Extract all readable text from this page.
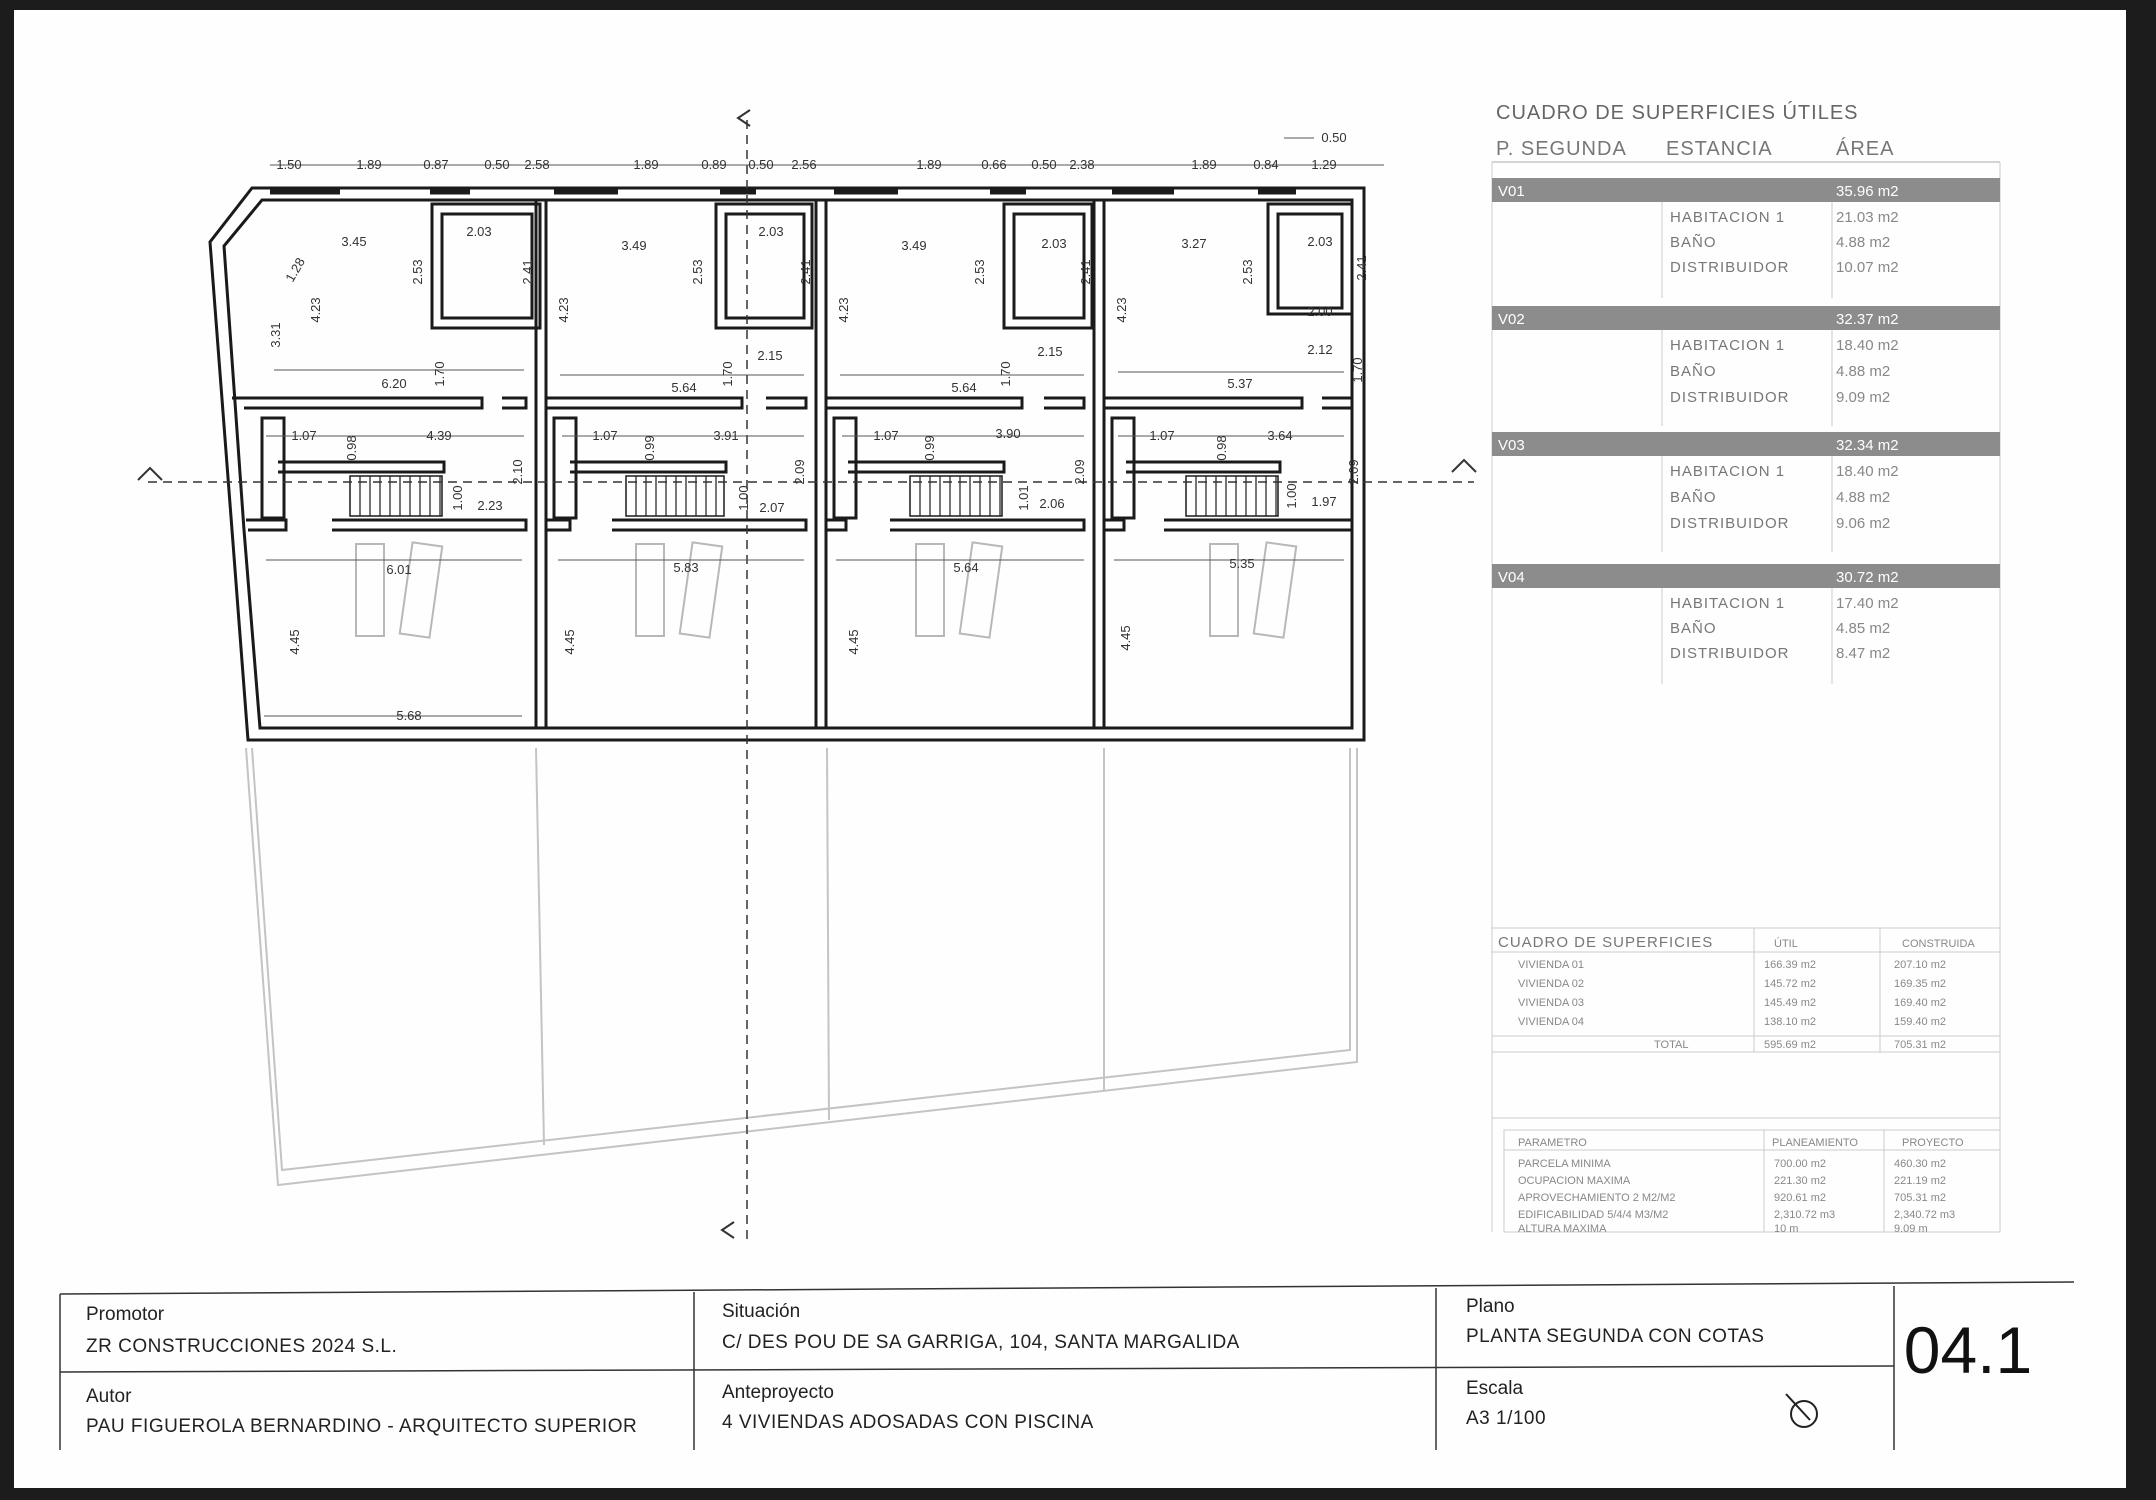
1.50	1.89	0.87	0.50 2.58	1.89	0.89 0.50 2.56	1.89	0.66 0.50 2.38	1.89	0.84	1.29
0.50
3.45
2.03
6.20
1.07	4.39
2.23
6.01
5.68
4.23
2.53	2.41
1.28
3.31
1.70
0.98
2.10
1.00
4.45
3.49
2.03
2.15
5.64
1.07	3.91
2.07
5.83
4.23
2.53	2.41
1.70
0.99
2.09
1.00
4.45
3.49	2.03
2.15
5.64
1.07	3.90
2.06
5.64
4.23
2.53	2.41
1.70
0.99
2.09
1.01
4.45
3.27	2.03
2.00
2.12
5.37
1.07	3.64
1.97
5.35
4.23
2.53	2.41
1.70
0.98
2.09
1.00
4.45
CUADRO DE SUPERFICIES ÚTILES
P. SEGUNDA ESTANCIA	ÁREA
V01	35.96 m2
HABITACION 1	21.03 m2
BAÑO	4.88 m2
DISTRIBUIDOR	10.07 m2
V02	32.37 m2
HABITACION 1	18.40 m2
BAÑO	4.88 m2
DISTRIBUIDOR	9.09 m2
V03	32.34 m2
HABITACION 1	18.40 m2
BAÑO	4.88 m2
DISTRIBUIDOR	9.06 m2
V04	30.72 m2
HABITACION 1	17.40 m2
BAÑO	4.85 m2
DISTRIBUIDOR	8.47 m2
CUADRO DE SUPERFICIES	ÚTIL	CONSTRUIDA
VIVIENDA 01	166.39 m2	207.10 m2
VIVIENDA 02	145.72 m2	169.35 m2
VIVIENDA 03	145.49 m2	169.40 m2
VIVIENDA 04	138.10 m2	159.40 m2
TOTAL	595.69 m2	705.31 m2
PARAMETRO	PLANEAMIENTO	PROYECTO
PARCELA MINIMA	700.00 m2	460.30 m2
OCUPACION MAXIMA	221.30 m2	221.19 m2
APROVECHAMIENTO 2 M2/M2	920.61 m2	705.31 m2
EDIFICABILIDAD 5/4/4 M3/M2	2,310.72 m3	2,340.72 m3
ALTURA MAXIMA	10 m	9.09 m
Promotor
ZR CONSTRUCCIONES 2024 S.L.
Autor
PAU FIGUEROLA BERNARDINO - ARQUITECTO SUPERIOR
Situación
C/ DES POU DE SA GARRIGA, 104, SANTA MARGALIDA
Anteproyecto
4 VIVIENDAS ADOSADAS CON PISCINA
Plano
PLANTA SEGUNDA CON COTAS
Escala
A3 1/100
04.1
